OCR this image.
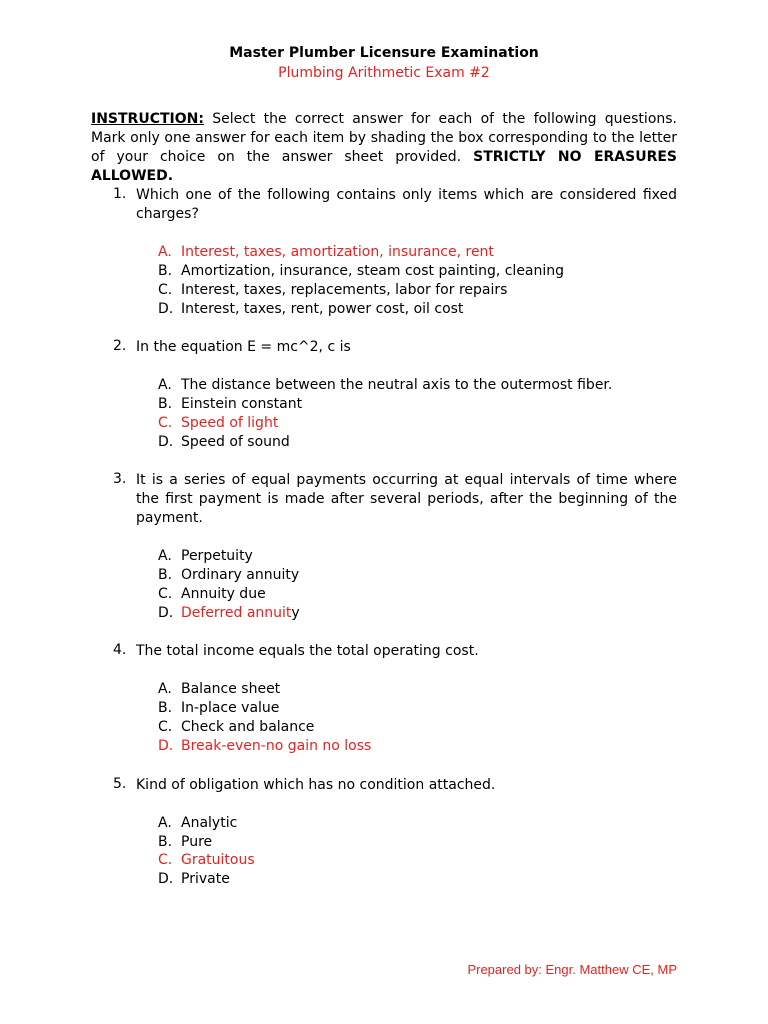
Master Plumber Licensure Examination
Plumbing Arithmetic Exam #2
INSTRUCTION: Select the correct answer for each of the following questions. Mark only one answer for each item by shading the box corresponding to the letter of your choice on the answer sheet provided. STRICTLY NO ERASURES ALLOWED.
1. Which one of the following contains only items which are considered fixed charges?
A. Interest, taxes, amortization, insurance, rent
B. Amortization, insurance, steam cost painting, cleaning
C. Interest, taxes, replacements, labor for repairs
D. Interest, taxes, rent, power cost, oil cost
2. In the equation E = mc^2, c is
A. The distance between the neutral axis to the outermost fiber.
B. Einstein constant
C. Speed of light
D. Speed of sound
3. It is a series of equal payments occurring at equal intervals of time where the first payment is made after several periods, after the beginning of the payment.
A. Perpetuity
B. Ordinary annuity
C. Annuity due
D. Deferred annuity
4. The total income equals the total operating cost.
A. Balance sheet
B. In-place value
C. Check and balance
D. Break-even-no gain no loss
5. Kind of obligation which has no condition attached.
A. Analytic
B. Pure
C. Gratuitous
D. Private
Prepared by: Engr. Matthew CE, MP
